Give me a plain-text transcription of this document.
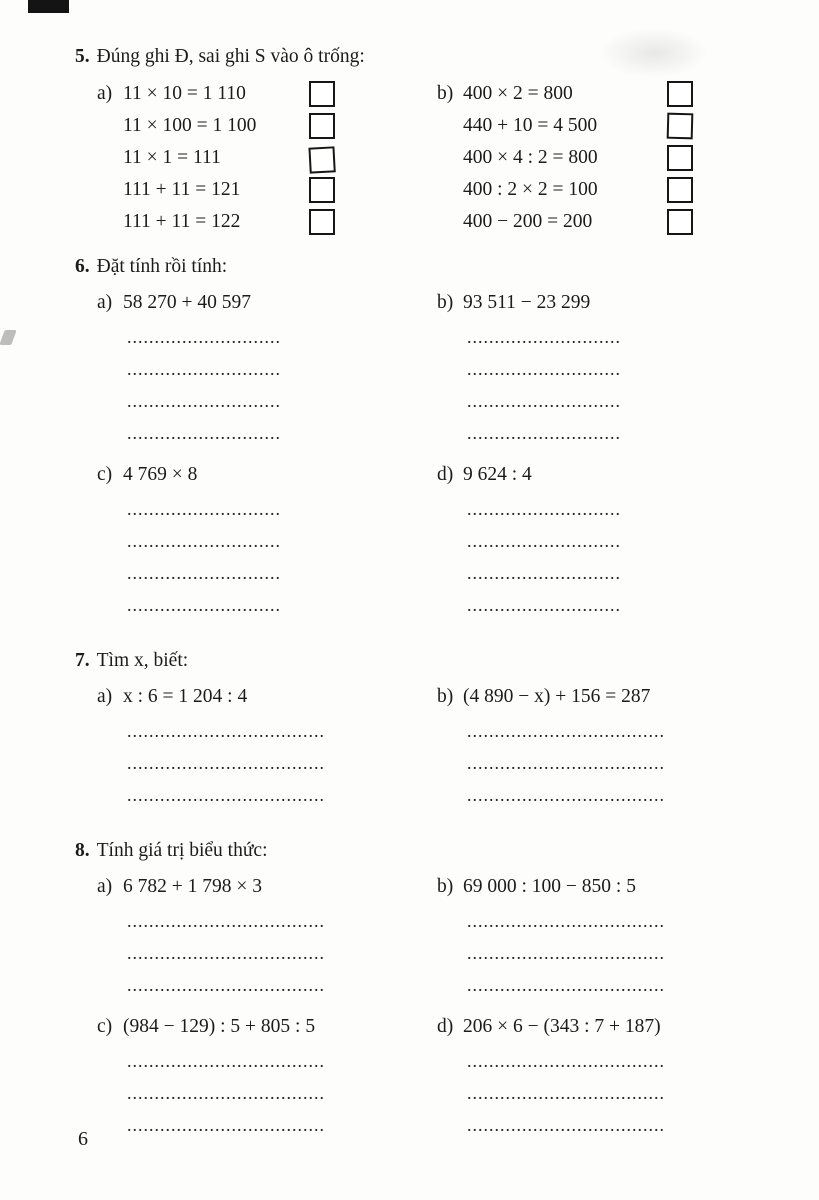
5. Đúng ghi Đ, sai ghi S vào ô trống:
a) 11 × 10 = 1 110
11 × 100 = 1 100
11 × 1 = 111
111 + 11 = 121
111 + 11 = 122
b) 400 × 2 = 800
440 + 10 = 4 500
400 × 4 : 2 = 800
400 : 2 × 2 = 100
400 − 200 = 200
6. Đặt tính rồi tính:
a) 58 270 + 40 597
............................
............................
............................
............................
b) 93 511 − 23 299
............................
............................
............................
............................
c) 4 769 × 8
............................
............................
............................
............................
d) 9 624 : 4
............................
............................
............................
............................
7. Tìm x, biết:
a) x : 6 = 1 204 : 4
....................................
....................................
....................................
b) (4 890 − x) + 156 = 287
....................................
....................................
....................................
8. Tính giá trị biểu thức:
a) 6 782 + 1 798 × 3
....................................
....................................
....................................
b) 69 000 : 100 − 850 : 5
....................................
....................................
....................................
c) (984 − 129) : 5 + 805 : 5
....................................
....................................
....................................
d) 206 × 6 − (343 : 7 + 187)
....................................
....................................
....................................
6
